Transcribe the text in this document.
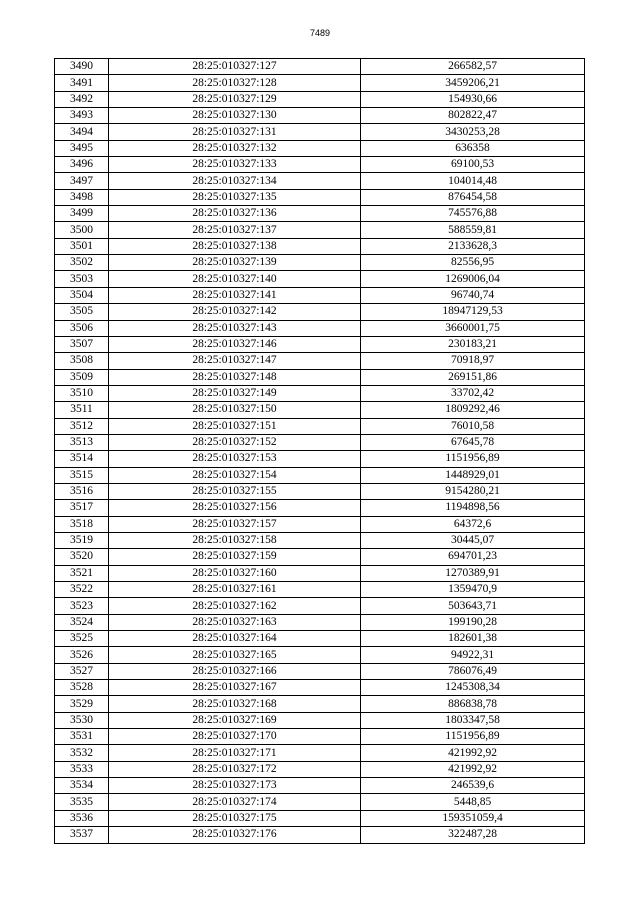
7489
3490	28:25:010327:127	266582,57
3491	28:25:010327:128	3459206,21
3492	28:25:010327:129	154930,66
3493	28:25:010327:130	802822,47
3494	28:25:010327:131	3430253,28
3495	28:25:010327:132	636358
3496	28:25:010327:133	69100,53
3497	28:25:010327:134	104014,48
3498	28:25:010327:135	876454,58
3499	28:25:010327:136	745576,88
3500	28:25:010327:137	588559,81
3501	28:25:010327:138	2133628,3
3502	28:25:010327:139	82556,95
3503	28:25:010327:140	1269006,04
3504	28:25:010327:141	96740,74
3505	28:25:010327:142	18947129,53
3506	28:25:010327:143	3660001,75
3507	28:25:010327:146	230183,21
3508	28:25:010327:147	70918,97
3509	28:25:010327:148	269151,86
3510	28:25:010327:149	33702,42
3511	28:25:010327:150	1809292,46
3512	28:25:010327:151	76010,58
3513	28:25:010327:152	67645,78
3514	28:25:010327:153	1151956,89
3515	28:25:010327:154	1448929,01
3516	28:25:010327:155	9154280,21
3517	28:25:010327:156	1194898,56
3518	28:25:010327:157	64372,6
3519	28:25:010327:158	30445,07
3520	28:25:010327:159	694701,23
3521	28:25:010327:160	1270389,91
3522	28:25:010327:161	1359470,9
3523	28:25:010327:162	503643,71
3524	28:25:010327:163	199190,28
3525	28:25:010327:164	182601,38
3526	28:25:010327:165	94922,31
3527	28:25:010327:166	786076,49
3528	28:25:010327:167	1245308,34
3529	28:25:010327:168	886838,78
3530	28:25:010327:169	1803347,58
3531	28:25:010327:170	1151956,89
3532	28:25:010327:171	421992,92
3533	28:25:010327:172	421992,92
3534	28:25:010327:173	246539,6
3535	28:25:010327:174	5448,85
3536	28:25:010327:175	159351059,4
3537	28:25:010327:176	322487,28
